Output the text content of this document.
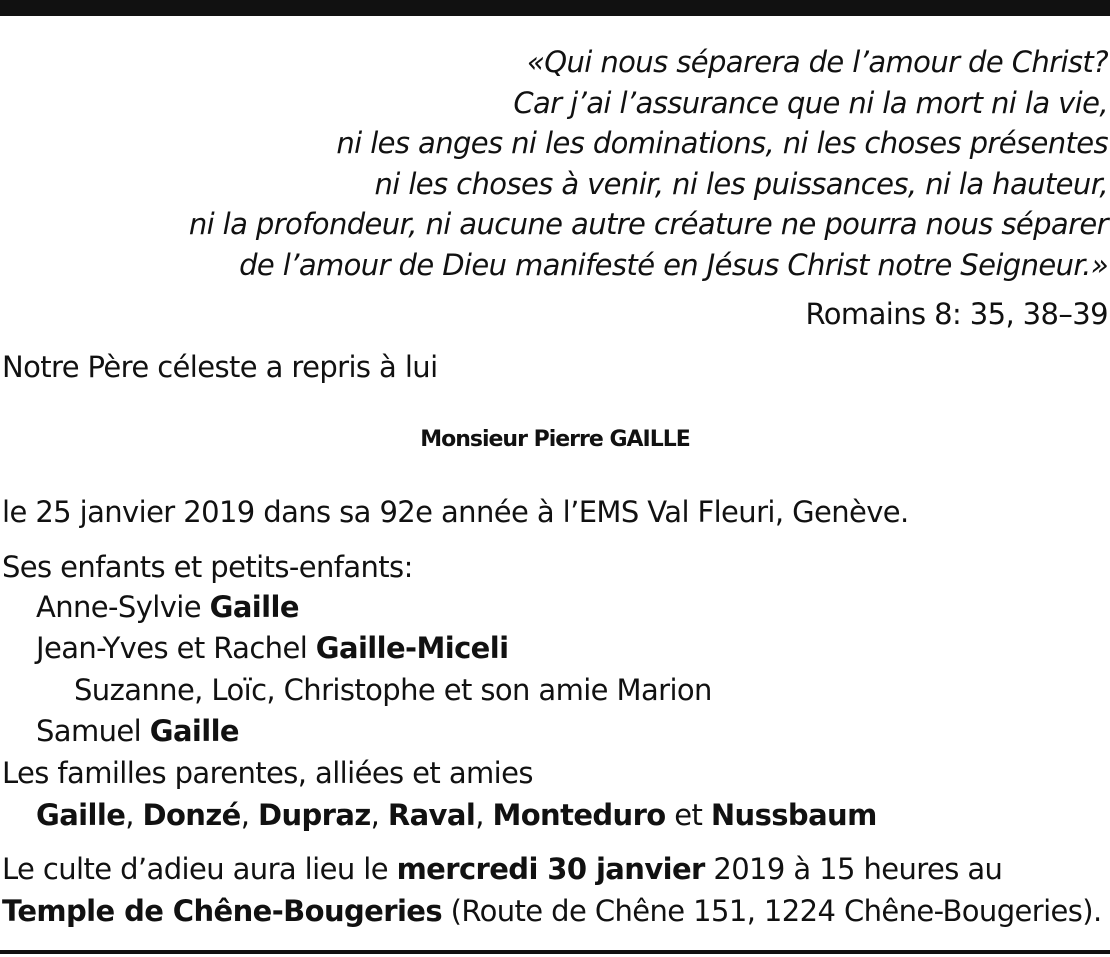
«Qui nous séparera de l’amour de Christ?
Car j’ai l’assurance que ni la mort ni la vie,
ni les anges ni les dominations, ni les choses présentes
ni les choses à venir, ni les puissances, ni la hauteur,
ni la profondeur, ni aucune autre créature ne pourra nous séparer
de l’amour de Dieu manifesté en Jésus Christ notre Seigneur.»
Romains 8: 35, 38–39
Notre Père céleste a repris à lui
Monsieur Pierre GAILLE
le 25 janvier 2019 dans sa 92e année à l’EMS Val Fleuri, Genève.
Ses enfants et petits-enfants:
Anne-Sylvie Gaille
Jean-Yves et Rachel Gaille-Miceli
Suzanne, Loïc, Christophe et son amie Marion
Samuel Gaille
Les familles parentes, alliées et amies
Gaille, Donzé, Dupraz, Raval, Monteduro et Nussbaum
Le culte d’adieu aura lieu le mercredi 30 janvier 2019 à 15 heures au
Temple de Chêne-Bougeries (Route de Chêne 151, 1224 Chêne-Bougeries).
